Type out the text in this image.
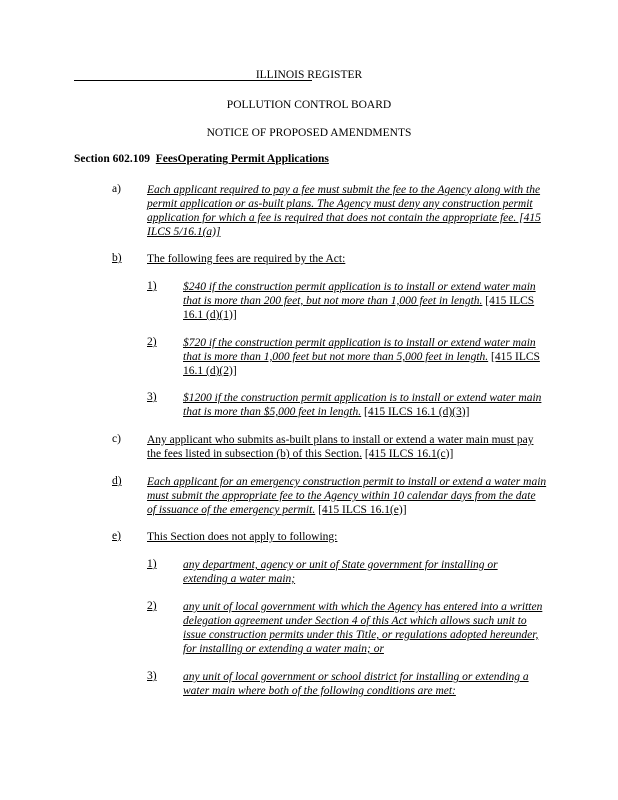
ILLINOIS REGISTER
POLLUTION CONTROL BOARD
NOTICE OF PROPOSED AMENDMENTS
Section 602.109 FeesOperating Permit Applications
a) Each applicant required to pay a fee must submit the fee to the Agency along with the permit application or as-built plans. The Agency must deny any construction permit application for which a fee is required that does not contain the appropriate fee. [415 ILCS 5/16.1(a)]
b) The following fees are required by the Act:
1) $240 if the construction permit application is to install or extend water main that is more than 200 feet, but not more than 1,000 feet in length. [415 ILCS 16.1 (d)(1)]
2) $720 if the construction permit application is to install or extend water main that is more than 1,000 feet but not more than 5,000 feet in length. [415 ILCS 16.1 (d)(2)]
3) $1200 if the construction permit application is to install or extend water main that is more than $5,000 feet in length. [415 ILCS 16.1 (d)(3)]
c) Any applicant who submits as-built plans to install or extend a water main must pay the fees listed in subsection (b) of this Section. [415 ILCS 16.1(c)]
d) Each applicant for an emergency construction permit to install or extend a water main must submit the appropriate fee to the Agency within 10 calendar days from the date of issuance of the emergency permit. [415 ILCS 16.1(e)]
e) This Section does not apply to following:
1) any department, agency or unit of State government for installing or extending a water main;
2) any unit of local government with which the Agency has entered into a written delegation agreement under Section 4 of this Act which allows such unit to issue construction permits under this Title, or regulations adopted hereunder, for installing or extending a water main; or
3) any unit of local government or school district for installing or extending a water main where both of the following conditions are met:
